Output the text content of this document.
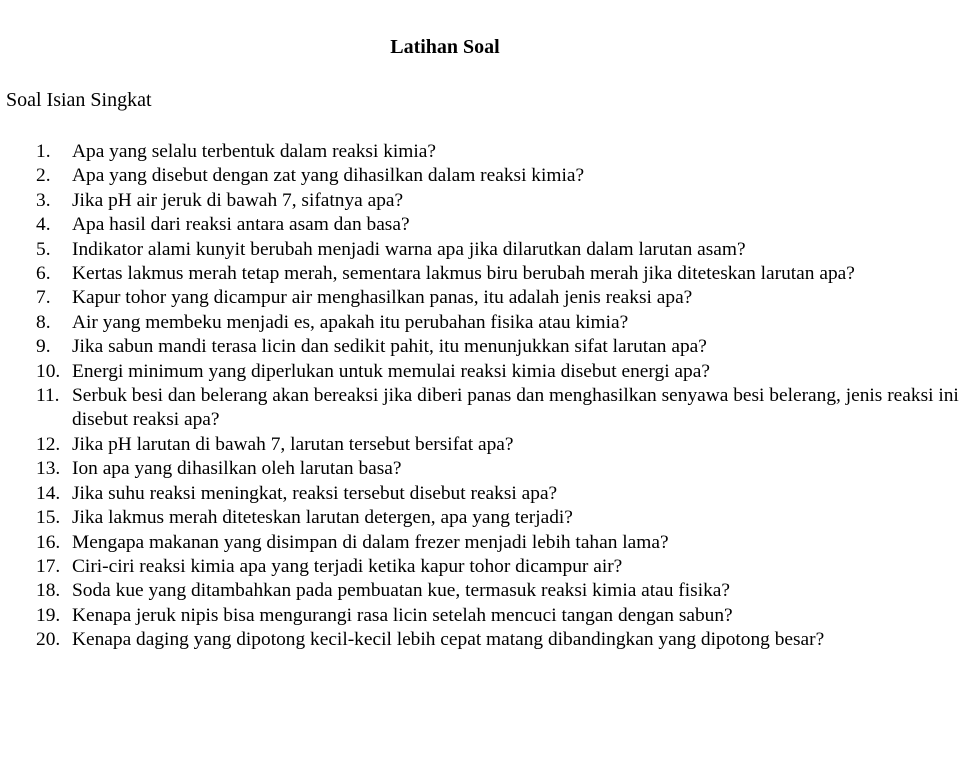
Latihan Soal
Soal Isian Singkat
1. Apa yang selalu terbentuk dalam reaksi kimia?
2. Apa yang disebut dengan zat yang dihasilkan dalam reaksi kimia?
3. Jika pH air jeruk di bawah 7, sifatnya apa?
4. Apa hasil dari reaksi antara asam dan basa?
5. Indikator alami kunyit berubah menjadi warna apa jika dilarutkan dalam larutan asam?
6. Kertas lakmus merah tetap merah, sementara lakmus biru berubah merah jika diteteskan larutan apa?
7. Kapur tohor yang dicampur air menghasilkan panas, itu adalah jenis reaksi apa?
8. Air yang membeku menjadi es, apakah itu perubahan fisika atau kimia?
9. Jika sabun mandi terasa licin dan sedikit pahit, itu menunjukkan sifat larutan apa?
10. Energi minimum yang diperlukan untuk memulai reaksi kimia disebut energi apa?
11. Serbuk besi dan belerang akan bereaksi jika diberi panas dan menghasilkan senyawa besi belerang, jenis reaksi ini disebut reaksi apa?
12. Jika pH larutan di bawah 7, larutan tersebut bersifat apa?
13. Ion apa yang dihasilkan oleh larutan basa?
14. Jika suhu reaksi meningkat, reaksi tersebut disebut reaksi apa?
15. Jika lakmus merah diteteskan larutan detergen, apa yang terjadi?
16. Mengapa makanan yang disimpan di dalam frezer menjadi lebih tahan lama?
17. Ciri-ciri reaksi kimia apa yang terjadi ketika kapur tohor dicampur air?
18. Soda kue yang ditambahkan pada pembuatan kue, termasuk reaksi kimia atau fisika?
19. Kenapa jeruk nipis bisa mengurangi rasa licin setelah mencuci tangan dengan sabun?
20. Kenapa daging yang dipotong kecil-kecil lebih cepat matang dibandingkan yang dipotong besar?
